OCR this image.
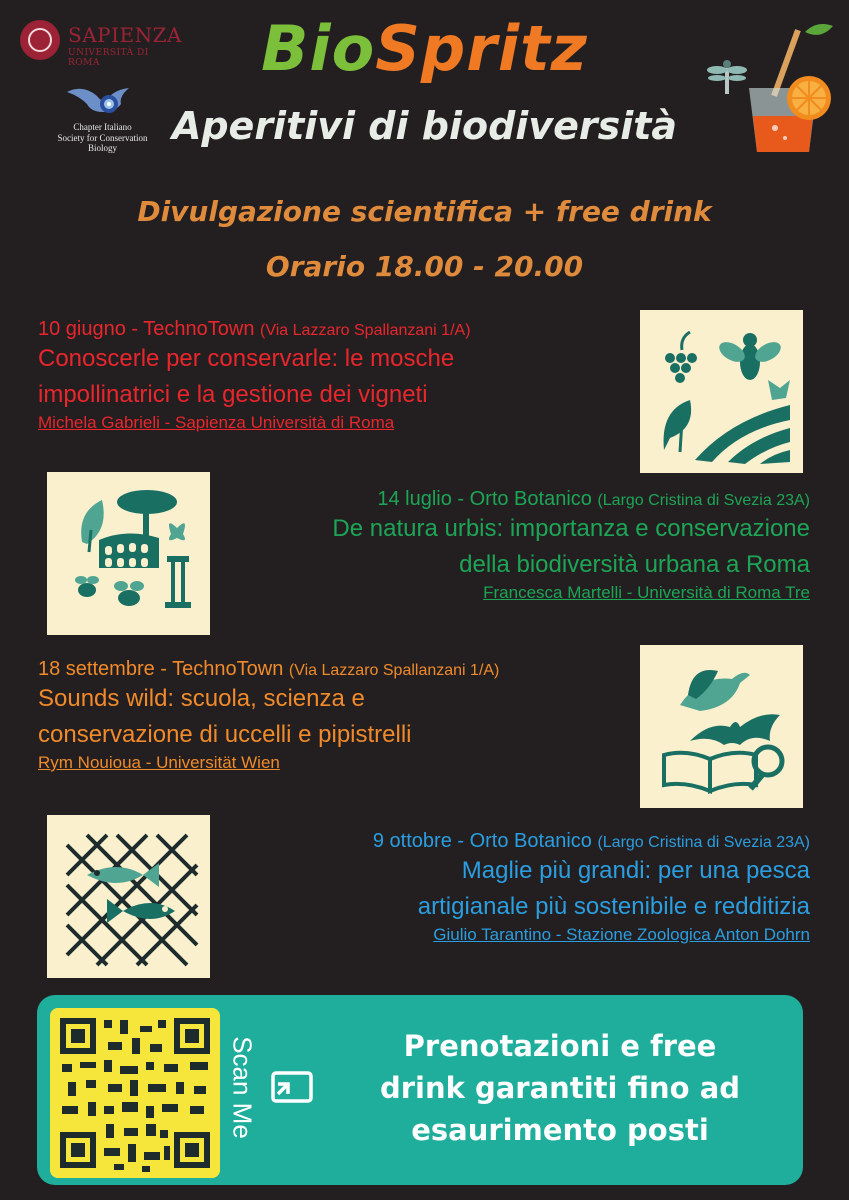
SAPIENZA
UNIVERSITÀ DI ROMA
Chapter Italiano
Society for Conservation Biology
BioSpritz
Aperitivi di biodiversità
Divulgazione scientifica + free drink
Orario 18.00 - 20.00
10 giugno - TechnoTown (Via Lazzaro Spallanzani 1/A)
Conoscerle per conservarle: le mosche
impollinatrici e la gestione dei vigneti
Michela Gabrieli - Sapienza Università di Roma
14 luglio - Orto Botanico (Largo Cristina di Svezia 23A)
De natura urbis: importanza e conservazione
della biodiversità urbana a Roma
Francesca Martelli - Università di Roma Tre
18 settembre - TechnoTown (Via Lazzaro Spallanzani 1/A)
Sounds wild: scuola, scienza e
conservazione di uccelli e pipistrelli
Rym Nouioua - Universität Wien
9 ottobre - Orto Botanico (Largo Cristina di Svezia 23A)
Maglie più grandi: per una pesca
artigianale più sostenibile e redditizia
Giulio Tarantino - Stazione Zoologica Anton Dohrn
Scan Me	Prenotazioni e free
drink garantiti fino ad
esaurimento posti
